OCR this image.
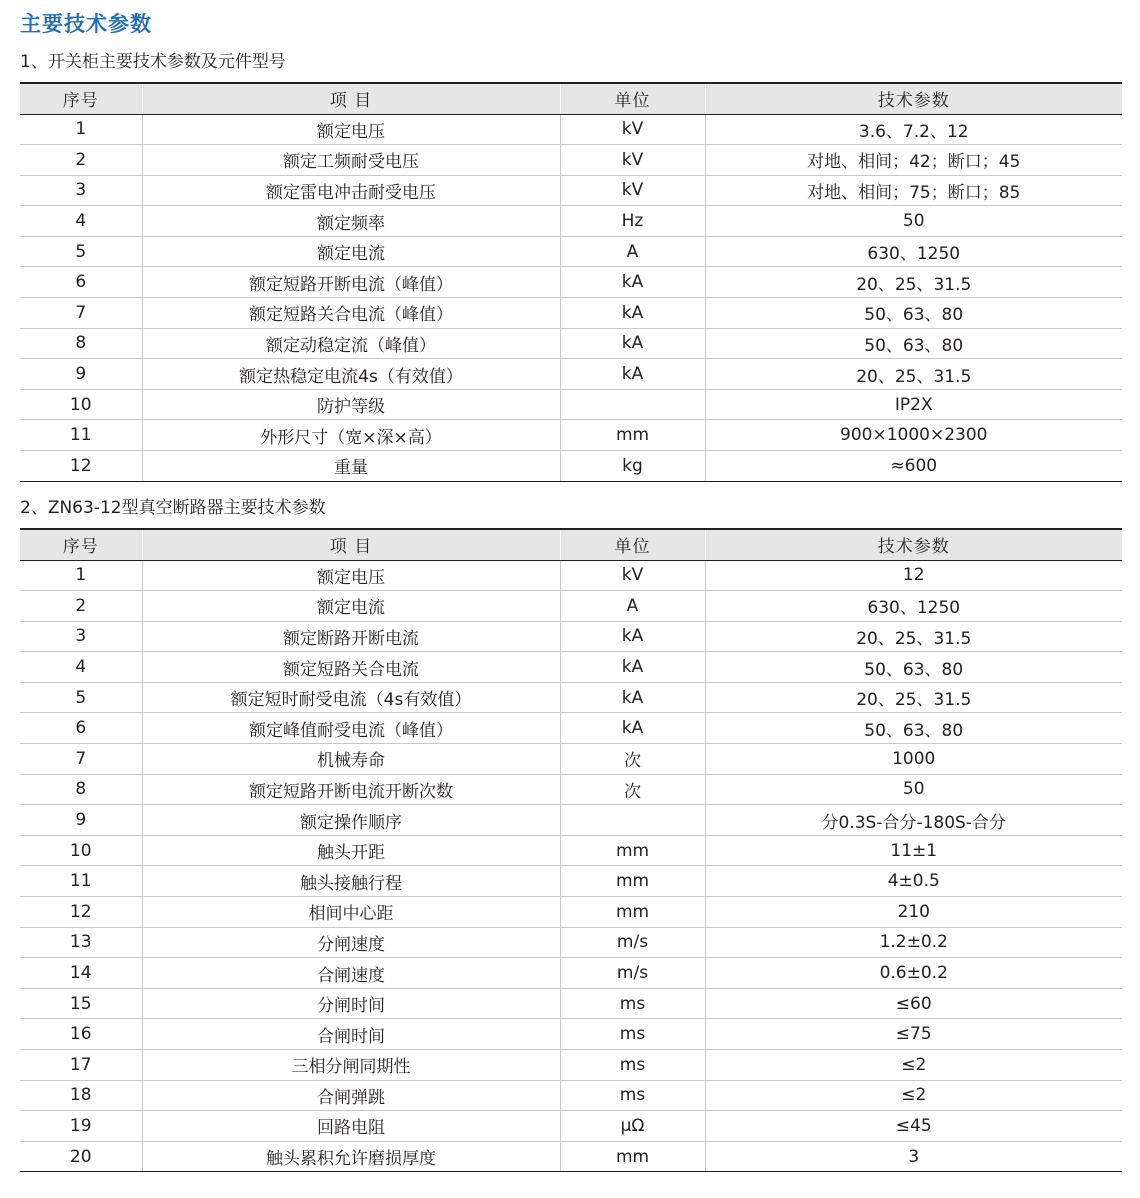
主要技术参数
1、开关柜主要技术参数及元件型号
序号	项 目	单位	技术参数
1	额定电压	kV	3.6、7.2、12
2	额定工频耐受电压	kV	对地、相间；42；断口；45
3	额定雷电冲击耐受电压	kV	对地、相间；75；断口；85
4	额定频率	Hz	50
5	额定电流	A	630、1250
6	额定短路开断电流（峰值）	kA	20、25、31.5
7	额定短路关合电流（峰值）	kA	50、63、80
8	额定动稳定流（峰值）	kA	50、63、80
9	额定热稳定电流4s（有效值）	kA	20、25、31.5
10	防护等级		IP2X
11	外形尺寸（宽×深×高）	mm	900×1000×2300
12	重量	kg	≈600
2、ZN63-12型真空断路器主要技术参数
序号	项 目	单位	技术参数
1	额定电压	kV	12
2	额定电流	A	630、1250
3	额定断路开断电流	kA	20、25、31.5
4	额定短路关合电流	kA	50、63、80
5	额定短时耐受电流（4s有效值）	kA	20、25、31.5
6	额定峰值耐受电流（峰值）	kA	50、63、80
7	机械寿命	次	1000
8	额定短路开断电流开断次数	次	50
9	额定操作顺序		分0.3S-合分-180S-合分
10	触头开距	mm	11±1
11	触头接触行程	mm	4±0.5
12	相间中心距	mm	210
13	分闸速度	m/s	1.2±0.2
14	合闸速度	m/s	0.6±0.2
15	分闸时间	ms	≤60
16	合闸时间	ms	≤75
17	三相分闸同期性	ms	≤2
18	合闸弹跳	ms	≤2
19	回路电阻	μΩ	≤45
20	触头累积允许磨损厚度	mm	3
